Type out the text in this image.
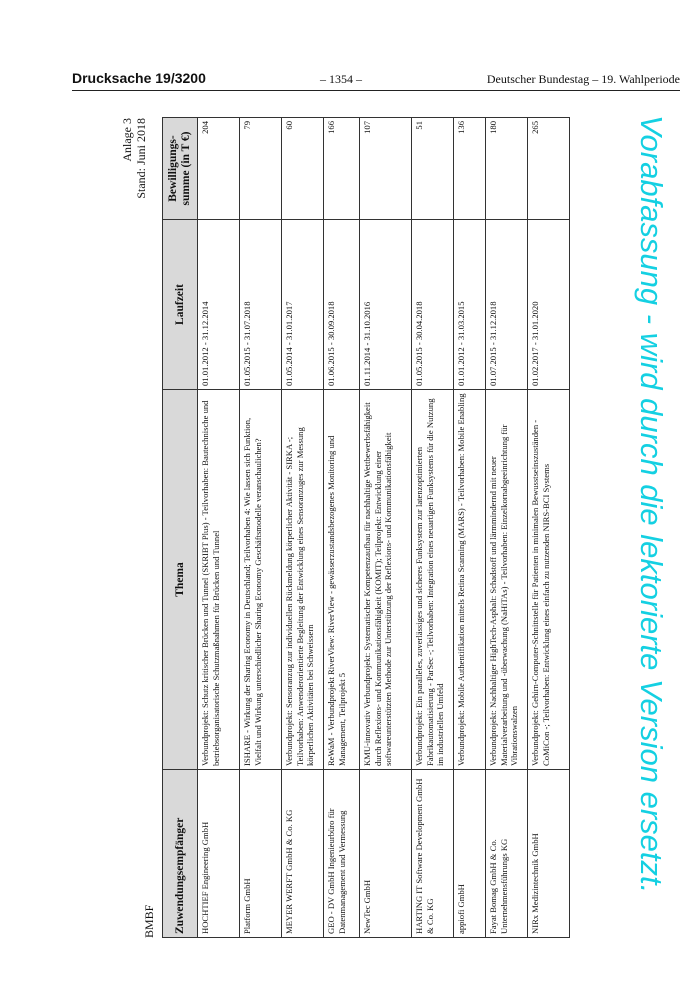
Drucksache 19/3200	– 1354 –	Deutscher Bundestag – 19. Wahlperiode
Anlage 3 Stand: Juni 2018
BMBF Zuwendungsempfänger	Thema	Laufzeit	Bewilligungs-summe (in T €)
HOCHTIEF Engineering GmbH	Verbundprojekt: Schutz kritischer Brücken und Tunnel (SKRIBT Plus) - Teilvorhaben: Bautechnische und betriebsorganisatorische Schutzmaßnahmen für Brücken und Tunnel	01.01.2012 - 31.12.2014	204
Platform GmbH	ISHARE - Wirkung der Sharing Economy in Deutschland; Teilvorhaben 4: Wie lassen sich Funktion, Vielfalt und Wirkung unterschiedlicher Sharing Economy Geschäftsmodelle veranschaulichen?	01.05.2015 - 31.07.2018	79
MEYER WERFT GmbH & Co. KG	Verbundprojekt: Sensoranzug zur individuellen Rückmeldung körperlicher Aktivität - SIRKA -; Teilvorhaben: Anwenderorientierte Begleitung der Entwicklung eines Sensoranzuges zur Messung körperlichen Aktivitäten bei Schweissern	01.05.2014 - 31.01.2017	60
GEO - DV GmbH Ingenieurbüro für Datenmanagement und Vermessung	ReWaM - Verbundprojekt RiverView: RiverView - gewässerzustandsbezogenes Monitoring und Management, Teilprojekt 5	01.06.2015 - 30.09.2018	166
NewTec GmbH	KMU-innovativ Verbundprojekt: Systematischer Kompetenzaufbau für nachhaltige Wettbewerbsfähigkeit durch Reflexions- und Kommunikationsfähigkeit (KOMIT); Teilprojekt: Entwicklung einer softwareunterstützten Methode zur Unterstützung der Reflexions- und Kommunikationsfähigkeit	01.11.2014 - 31.10.2016	107
HARTING IT Software Development GmbH & Co. KG	Verbundprojekt: Ein paralleles, zuverlässiges und sicheres Funksystem zur latenzoptimierten Fabrikautomatisierung - ParSec -; Teilvorhaben: Integration eines neuartigen Funksystems für die Nutzung im industriellen Umfeld	01.05.2015 - 30.04.2018	51
appiofi GmbH	Verbundprojekt: Mobile Authentifikation mittels Retina Scanning (MARS) - Teilvorhaben: Mobile Enabling	01.01.2012 - 31.03.2015	136
Fayat Bomag GmbH & Co. Unternehmensführungs KG	Verbundprojekt: Nachhaltiger HighTech-Asphalt: Schadstoff und lärmmindernd mit neuer Materialverarbeitung und -überwachung (NaHiTAs) - Teilvorhaben: Einzelkornabgeeinrichtung für Vibrationswalzen	01.07.2015 - 31.12.2018	180
NIRx Medizintechnik GmbH	Verbundprojekt: Gehirn-Computer-Schnittstelle für Patienten in minimalen Bewusstseinszuständen - CoMiCon -; Teilvorhaben: Entwicklung eines einfach zu nutzenden NIRS-BCI Systems	01.02.2017 - 31.01.2020	265	Vorabfassung - wird durch die lektorierte Version ersetzt.
